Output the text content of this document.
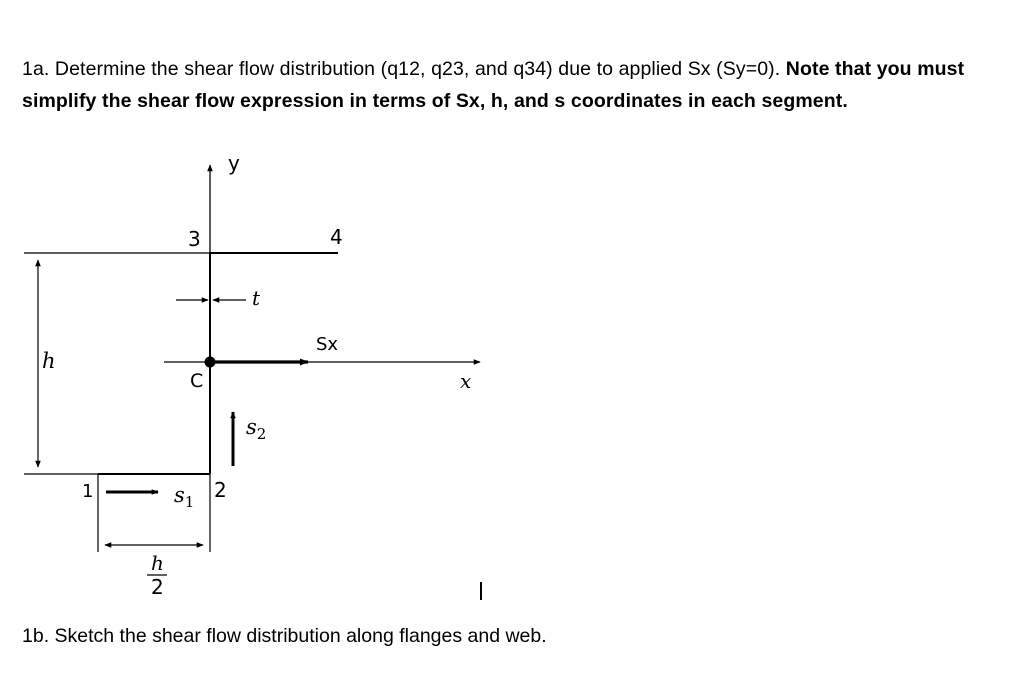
1a. Determine the shear flow distribution (q12, q23, and q34) due to applied Sx (Sy=0). Note that you must simplify the shear flow expression in terms of Sx, h, and s coordinates in each segment.
y
x
Sx
C
3	4
1	2
t
$s_2$
$s_1$
h
h
2
1b. Sketch the shear flow distribution along flanges and web.
